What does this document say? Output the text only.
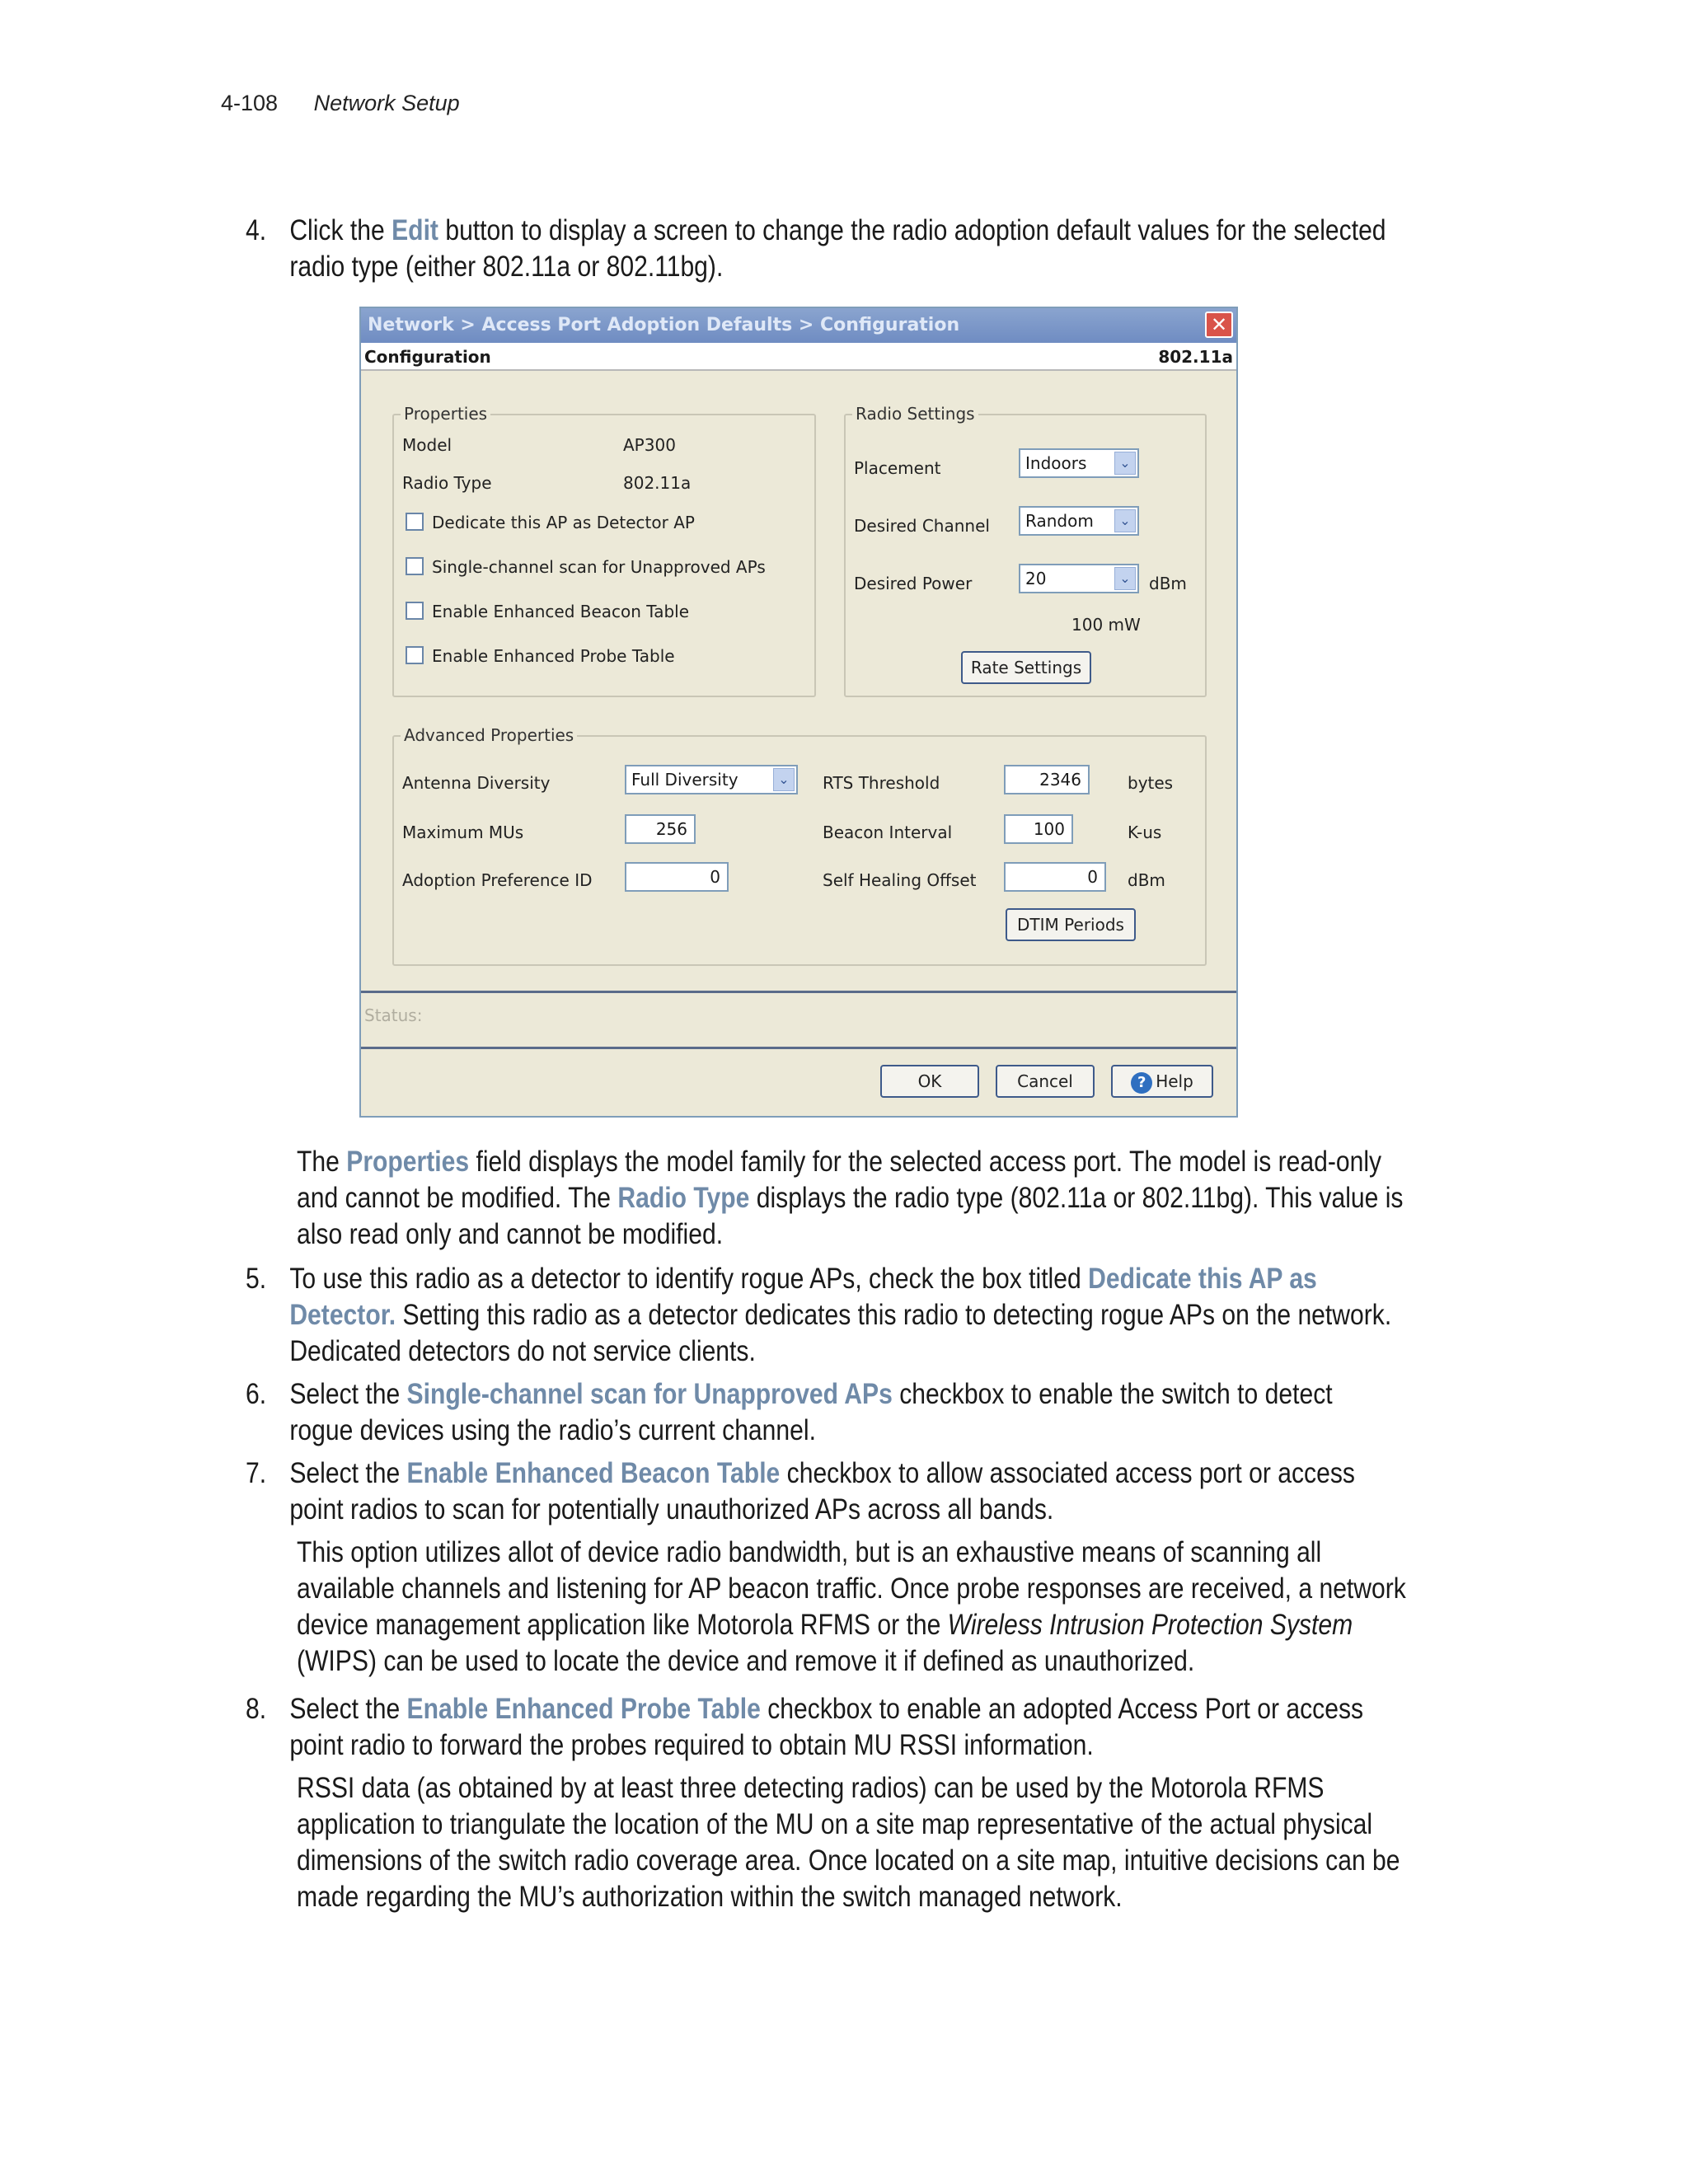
4-108 Network Setup
4. Click the Edit button to display a screen to change the radio adoption default values for the selected
radio type (either 802.11a or 802.11bg).
Network > Access Port Adoption Defaults > Configuration	✕
Configuration	802.11a
Properties
Model	AP300
Radio Type	802.11a
Dedicate this AP as Detector AP
Single-channel scan for Unapproved APs
Enable Enhanced Beacon Table
Enable Enhanced Probe Table
Radio Settings
Placement	Indoors	⌄
Desired Channel	Random	⌄
Desired Power	20	⌄	dBm
100 mW
Rate Settings
Advanced Properties
Antenna Diversity	Full Diversity	⌄
Maximum MUs	256
Adoption Preference ID	0
RTS Threshold	2346	bytes
Beacon Interval	100	K-us
Self Healing Offset	0	dBm
DTIM Periods
Status:
OK	Cancel	? Help
The Properties field displays the model family for the selected access port. The model is read-only
and cannot be modified. The Radio Type displays the radio type (802.11a or 802.11bg). This value is
also read only and cannot be modified.
5. To use this radio as a detector to identify rogue APs, check the box titled Dedicate this AP as
Detector. Setting this radio as a detector dedicates this radio to detecting rogue APs on the network.
Dedicated detectors do not service clients.
6. Select the Single-channel scan for Unapproved APs checkbox to enable the switch to detect
rogue devices using the radio’s current channel.
7. Select the Enable Enhanced Beacon Table checkbox to allow associated access port or access
point radios to scan for potentially unauthorized APs across all bands.
This option utilizes allot of device radio bandwidth, but is an exhaustive means of scanning all
available channels and listening for AP beacon traffic. Once probe responses are received, a network
device management application like Motorola RFMS or the Wireless Intrusion Protection System
(WIPS) can be used to locate the device and remove it if defined as unauthorized.
8. Select the Enable Enhanced Probe Table checkbox to enable an adopted Access Port or access
point radio to forward the probes required to obtain MU RSSI information.
RSSI data (as obtained by at least three detecting radios) can be used by the Motorola RFMS
application to triangulate the location of the MU on a site map representative of the actual physical
dimensions of the switch radio coverage area. Once located on a site map, intuitive decisions can be
made regarding the MU’s authorization within the switch managed network.
